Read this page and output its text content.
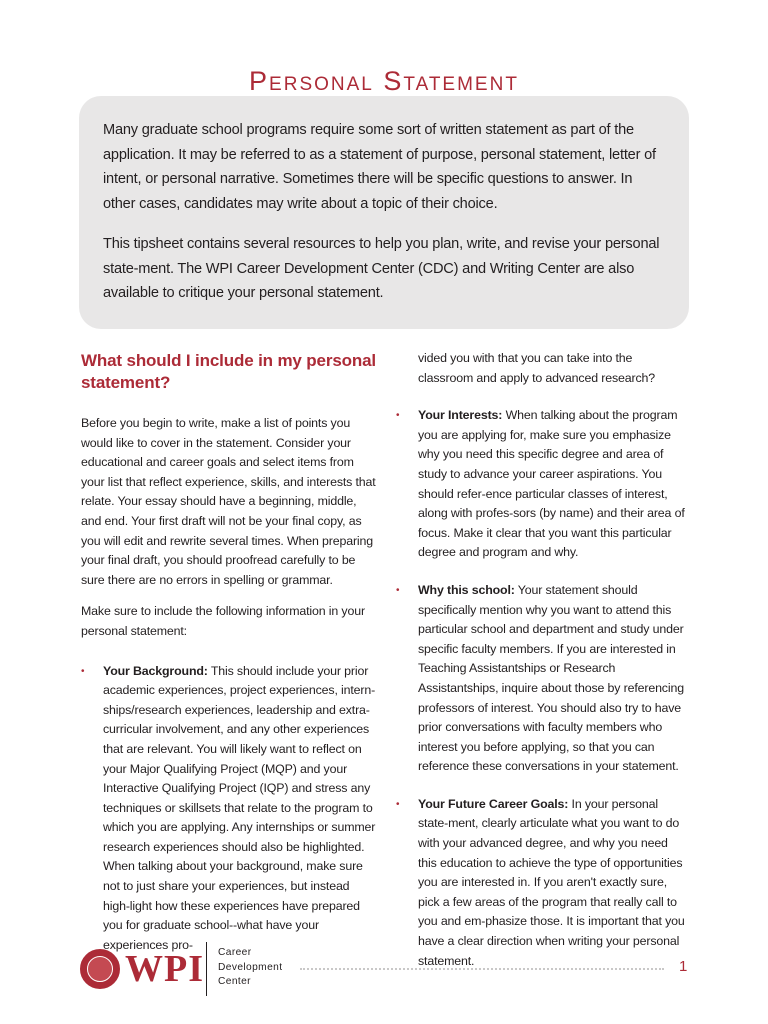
Personal Statement

Many graduate school programs require some sort of written statement as part of the application. It may be referred to as a statement of purpose, personal statement, letter of intent, or personal narrative. Sometimes there will be specific questions to answer. In other cases, candidates may write about a topic of their choice.

This tipsheet contains several resources to help you plan, write, and revise your personal state-ment. The WPI Career Development Center (CDC) and Writing Center are also available to critique your personal statement.

What should I include in my personal statement?

Before you begin to write, make a list of points you would like to cover in the statement. Consider your educational and career goals and select items from your list that reflect experience, skills, and interests that relate. Your essay should have a beginning, middle, and end. Your first draft will not be your final copy, as you will edit and rewrite several times. When preparing your final draft, you should proofread carefully to be sure there are no errors in spelling or grammar.

Make sure to include the following information in your personal statement:

• Your Background: This should include your prior academic experiences, project experiences, intern-ships/research experiences, leadership and extra-curricular involvement, and any other experiences that are relevant. You will likely want to reflect on your Major Qualifying Project (MQP) and your Interactive Qualifying Project (IQP) and stress any techniques or skillsets that relate to the program to which you are applying. Any internships or summer research experiences should also be highlighted. When talking about your background, make sure not to just share your experiences, but instead high-light how these experiences have prepared you for graduate school--what have your experiences pro-
vided you with that you can take into the classroom and apply to advanced research?
• Your Interests: When talking about the program you are applying for, make sure you emphasize why you need this specific degree and area of study to advance your career aspirations. You should refer-ence particular classes of interest, along with profes-sors (by name) and their area of focus. Make it clear that you want this particular degree and program and why.
• Why this school: Your statement should specifically mention why you want to attend this particular school and department and study under specific faculty members. If you are interested in Teaching Assistantships or Research Assistantships, inquire about those by referencing professors of interest. You should also try to have prior conversations with faculty members who interest you before applying, so that you can reference these conversations in your statement.
• Your Future Career Goals: In your personal state-ment, clearly articulate what you want to do with your advanced degree, and why you need this education to achieve the type of opportunities you are interested in. If you aren't exactly sure, pick a few areas of the program that really call to you and em-phasize those. It is important that you have a clear direction when writing your personal statement.
WPI Career
Development
Center
1
